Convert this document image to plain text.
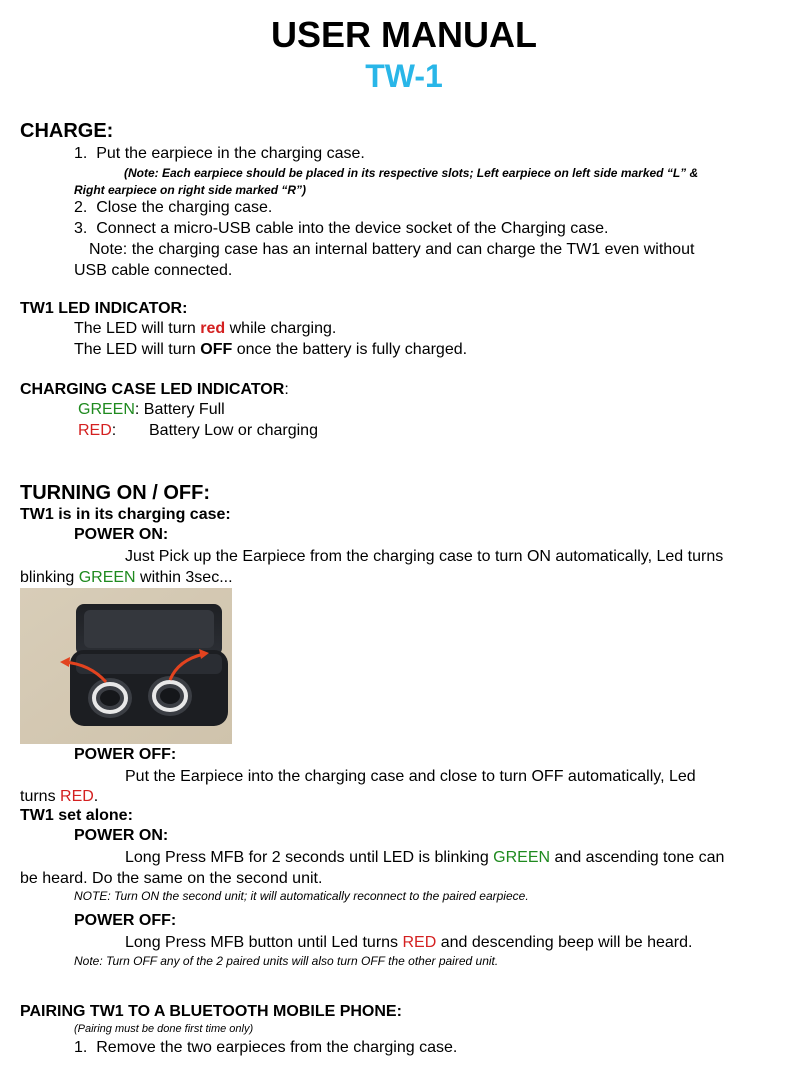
USER MANUAL
TW-1
CHARGE:
1. Put the earpiece in the charging case.
(Note: Each earpiece should be placed in its respective slots; Left earpiece on left side marked “L” &
Right earpiece on right side marked “R”)
2. Close the charging case.
3. Connect a micro-USB cable into the device socket of the Charging case.
Note: the charging case has an internal battery and can charge the TW1 even without
USB cable connected.
TW1 LED INDICATOR:
The LED will turn red while charging.
The LED will turn OFF once the battery is fully charged.
CHARGING CASE LED INDICATOR:
GREEN: Battery Full
RED: Battery Low or charging
TURNING ON / OFF:
TW1 is in its charging case:
POWER ON:
Just Pick up the Earpiece from the charging case to turn ON automatically, Led turns
blinking GREEN within 3sec...
POWER OFF:
Put the Earpiece into the charging case and close to turn OFF automatically, Led
turns RED.
TW1 set alone:
POWER ON:
Long Press MFB for 2 seconds until LED is blinking GREEN and ascending tone can
be heard. Do the same on the second unit.
NOTE: Turn ON the second unit; it will automatically reconnect to the paired earpiece.
POWER OFF:
Long Press MFB button until Led turns RED and descending beep will be heard.
Note: Turn OFF any of the 2 paired units will also turn OFF the other paired unit.
PAIRING TW1 TO A BLUETOOTH MOBILE PHONE:
(Pairing must be done first time only)
1. Remove the two earpieces from the charging case.
